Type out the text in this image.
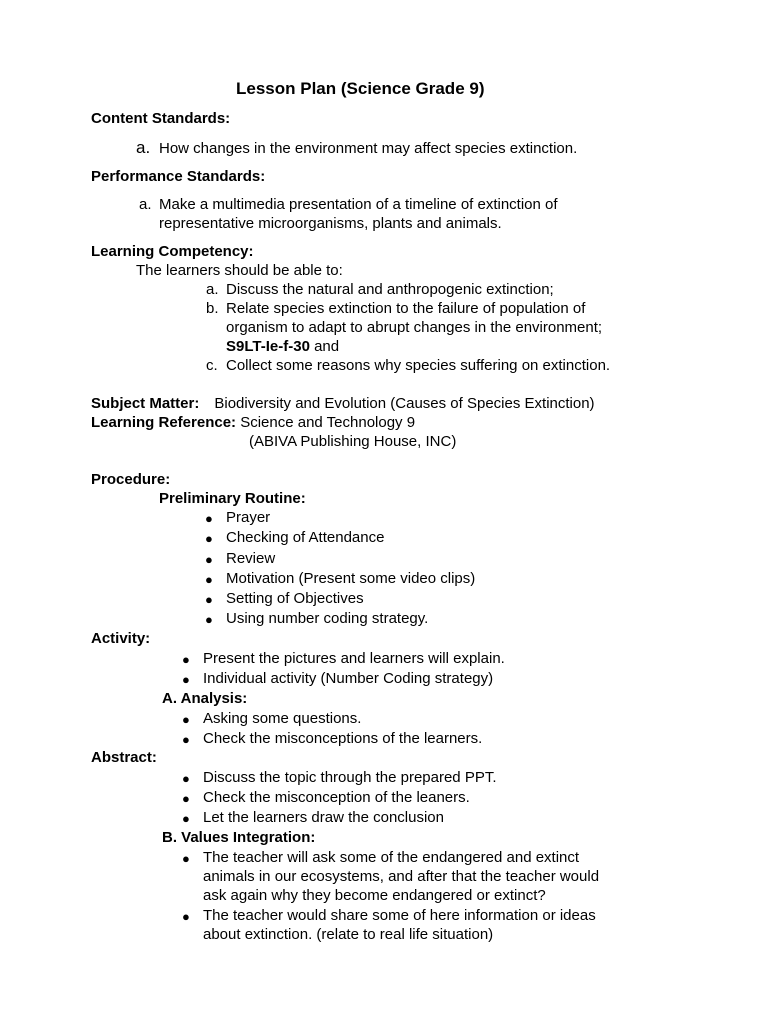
Lesson Plan (Science Grade 9)
Content Standards:
a. How changes in the environment may affect species extinction.
Performance Standards:
a. Make a multimedia presentation of a timeline of extinction of
representative microorganisms, plants and animals.
Learning Competency:
The learners should be able to:
a. Discuss the natural and anthropogenic extinction;
b. Relate species extinction to the failure of population of
organism to adapt to abrupt changes in the environment;
S9LT-Ie-f-30 and
c. Collect some reasons why species suffering on extinction.
Subject Matter: Biodiversity and Evolution (Causes of Species Extinction)
Learning Reference: Science and Technology 9
(ABIVA Publishing House, INC)
Procedure:
Preliminary Routine:
● Prayer
● Checking of Attendance
● Review
● Motivation (Present some video clips)
● Setting of Objectives
● Using number coding strategy.
Activity:
● Present the pictures and learners will explain.
● Individual activity (Number Coding strategy)
A. Analysis:
● Asking some questions.
● Check the misconceptions of the learners.
Abstract:
● Discuss the topic through the prepared PPT.
● Check the misconception of the leaners.
● Let the learners draw the conclusion
B. Values Integration:
● The teacher will ask some of the endangered and extinct
animals in our ecosystems, and after that the teacher would
ask again why they become endangered or extinct?
● The teacher would share some of here information or ideas
about extinction. (relate to real life situation)
